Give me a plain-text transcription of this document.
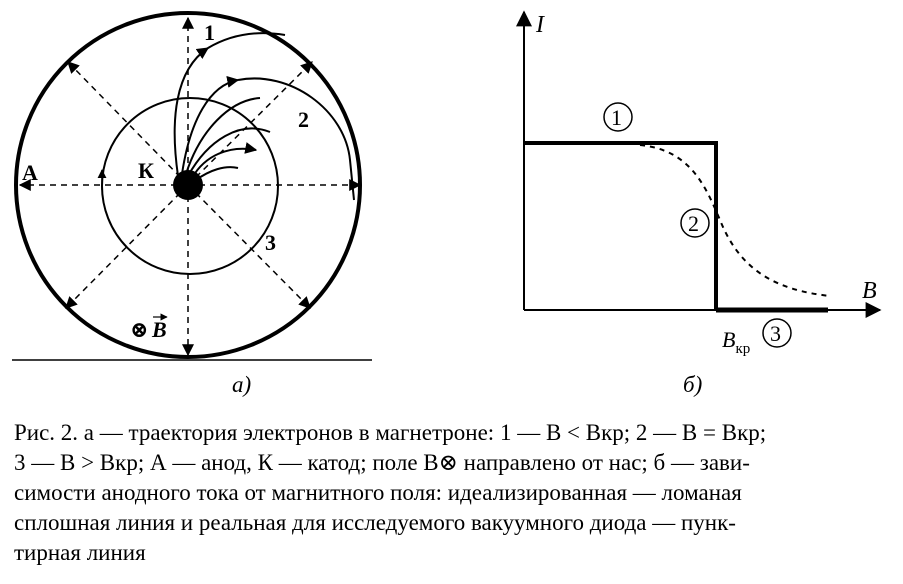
А	К
1
2
3
⊗ B
I
B
1
2
3
$B_{кр}$
а)	б)

Рис. 2. а — траектория электронов в магнетроне: 1 — B < Bкр; 2 — B = Bкр;

3 — B > Bкр; А — анод, К — катод; поле B⊗ направлено от нас; б — зави-

симости анодного тока от магнитного поля: идеализированная — ломаная

сплошная линия и реальная для исследуемого вакуумного диода — пунк-

тирная линия
